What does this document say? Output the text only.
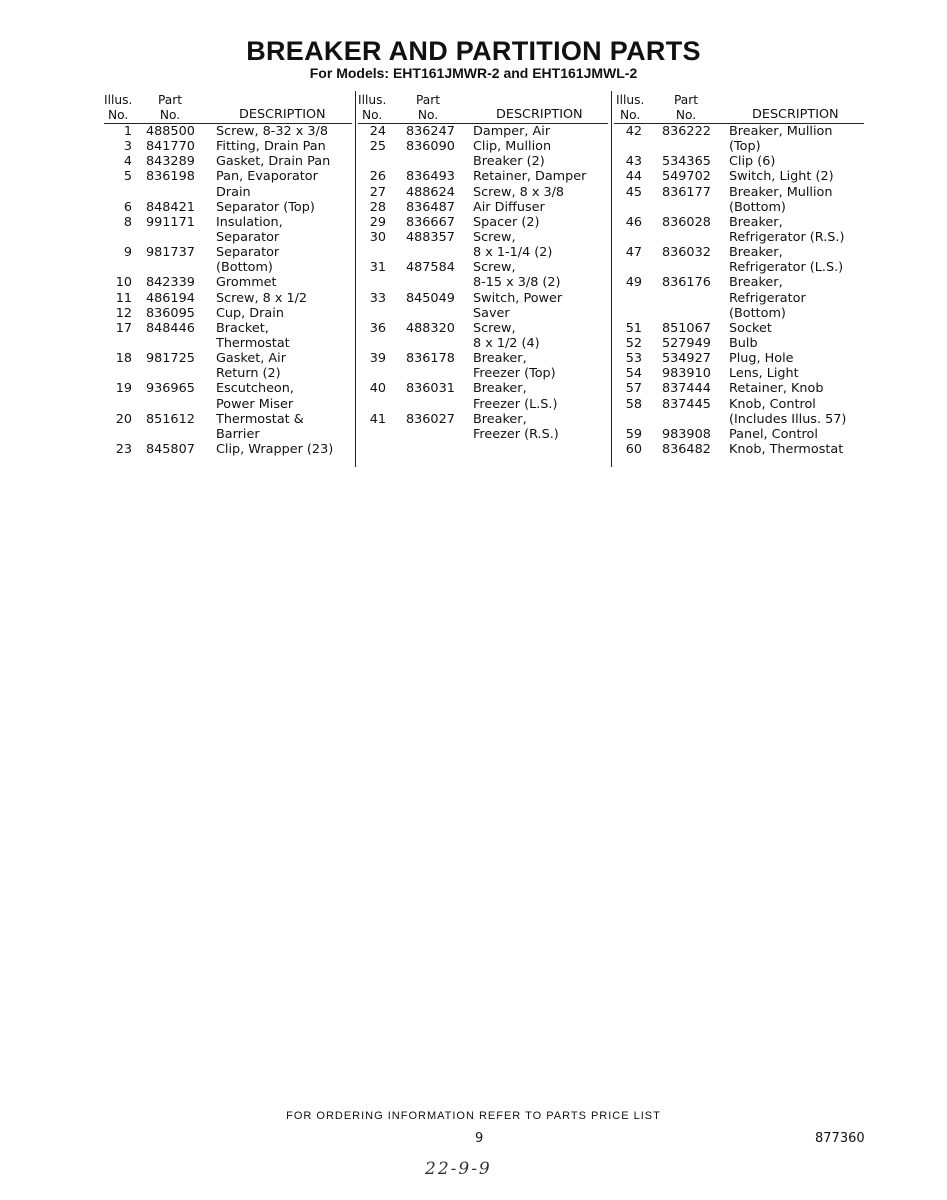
BREAKER AND PARTITION PARTS
For Models: EHT161JMWR-2 and EHT161JMWL-2
Illus.
No.
Part
No.	DESCRIPTION
1 488500 Screw, 8-32 x 3/8
3 841770 Fitting, Drain Pan
4 843289 Gasket, Drain Pan
5 836198 Pan, Evaporator
Drain
6 848421 Separator (Top)
8 991171 Insulation,
Separator
9 981737 Separator
(Bottom)
10 842339 Grommet
11 486194 Screw, 8 x 1/2
12 836095 Cup, Drain
17 848446 Bracket,
Thermostat
18 981725 Gasket, Air
Return (2)
19 936965 Escutcheon,
Power Miser
20 851612 Thermostat &
Barrier
23 845807 Clip, Wrapper (23)
Illus.
No.
Part
No.	DESCRIPTION
24 836247 Damper, Air
25 836090 Clip, Mullion
Breaker (2)
26 836493 Retainer, Damper
27 488624 Screw, 8 x 3/8
28 836487 Air Diffuser
29 836667 Spacer (2)
30 488357 Screw,
8 x 1-1/4 (2)
31 487584 Screw,
8-15 x 3/8 (2)
33 845049 Switch, Power
Saver
36 488320 Screw,
8 x 1/2 (4)
39 836178 Breaker,
Freezer (Top)
40 836031 Breaker,
Freezer (L.S.)
41 836027 Breaker,
Freezer (R.S.)
Illus.
No.
Part
No.	DESCRIPTION
42 836222 Breaker, Mullion
(Top)
43 534365 Clip (6)
44 549702 Switch, Light (2)
45 836177 Breaker, Mullion
(Bottom)
46 836028 Breaker,
Refrigerator (R.S.)
47 836032 Breaker,
Refrigerator (L.S.)
49 836176 Breaker,
Refrigerator
(Bottom)
51 851067 Socket
52 527949 Bulb
53 534927 Plug, Hole
54 983910 Lens, Light
57 837444 Retainer, Knob
58 837445 Knob, Control
(Includes Illus. 57)
59 983908 Panel, Control
60 836482 Knob, Thermostat
FOR ORDERING INFORMATION REFER TO PARTS PRICE LIST
9	877360
22-9-9
